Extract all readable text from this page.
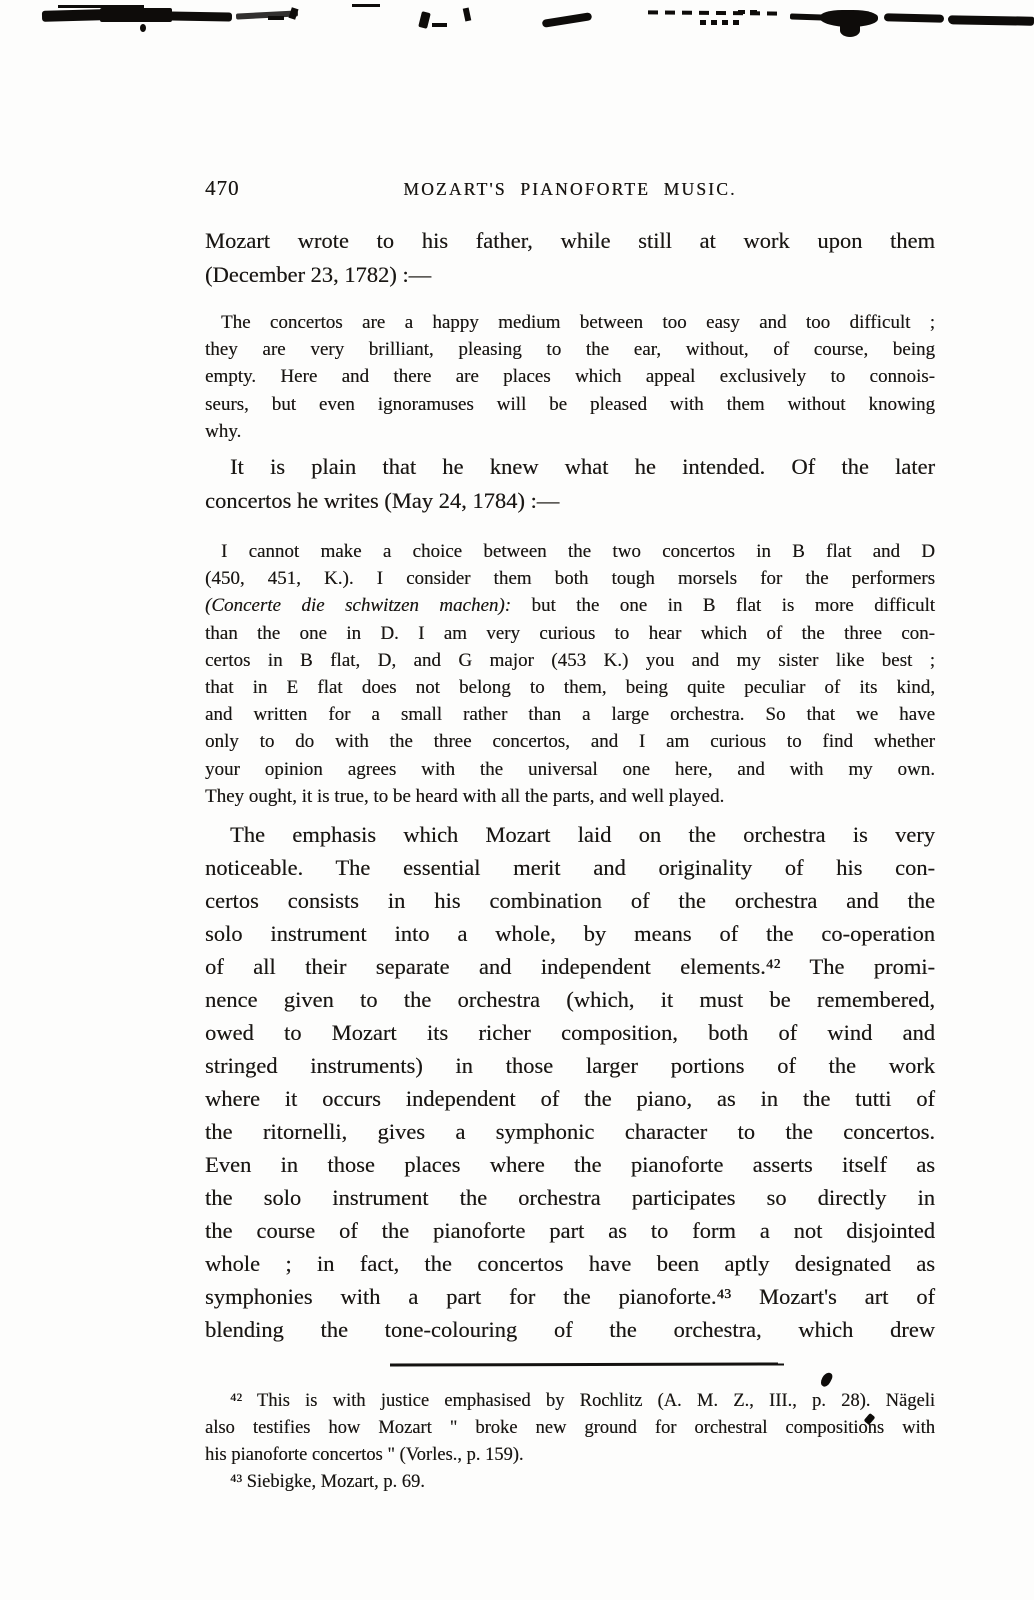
470	MOZART'S PIANOFORTE MUSIC.
Mozart wrote to his father, while still at work upon them
(December 23, 1782) :—
The concertos are a happy medium between too easy and too difficult ;
they are very brilliant, pleasing to the ear, without, of course, being
empty. Here and there are places which appeal exclusively to connois-
seurs, but even ignoramuses will be pleased with them without knowing
why.
It is plain that he knew what he intended. Of the later
concertos he writes (May 24, 1784) :—
I cannot make a choice between the two concertos in B flat and D
(450, 451, K.). I consider them both tough morsels for the performers
(Concerte die schwitzen machen): but the one in B flat is more difficult
than the one in D. I am very curious to hear which of the three con-
certos in B flat, D, and G major (453 K.) you and my sister like best ;
that in E flat does not belong to them, being quite peculiar of its kind,
and written for a small rather than a large orchestra. So that we have
only to do with the three concertos, and I am curious to find whether
your opinion agrees with the universal one here, and with my own.
They ought, it is true, to be heard with all the parts, and well played.
The emphasis which Mozart laid on the orchestra is very
noticeable. The essential merit and originality of his con-
certos consists in his combination of the orchestra and the
solo instrument into a whole, by means of the co-operation
of all their separate and independent elements.⁴² The promi-
nence given to the orchestra (which, it must be remembered,
owed to Mozart its richer composition, both of wind and
stringed instruments) in those larger portions of the work
where it occurs independent of the piano, as in the tutti of
the ritornelli, gives a symphonic character to the concertos.
Even in those places where the pianoforte asserts itself as
the solo instrument the orchestra participates so directly in
the course of the pianoforte part as to form a not disjointed
whole ; in fact, the concertos have been aptly designated as
symphonies with a part for the pianoforte.⁴³ Mozart's art of
blending the tone-colouring of the orchestra, which drew
⁴² This is with justice emphasised by Rochlitz (A. M. Z., III., p. 28). Nägeli
also testifies how Mozart " broke new ground for orchestral compositions with
his pianoforte concertos " (Vorles., p. 159).
⁴³ Siebigke, Mozart, p. 69.
